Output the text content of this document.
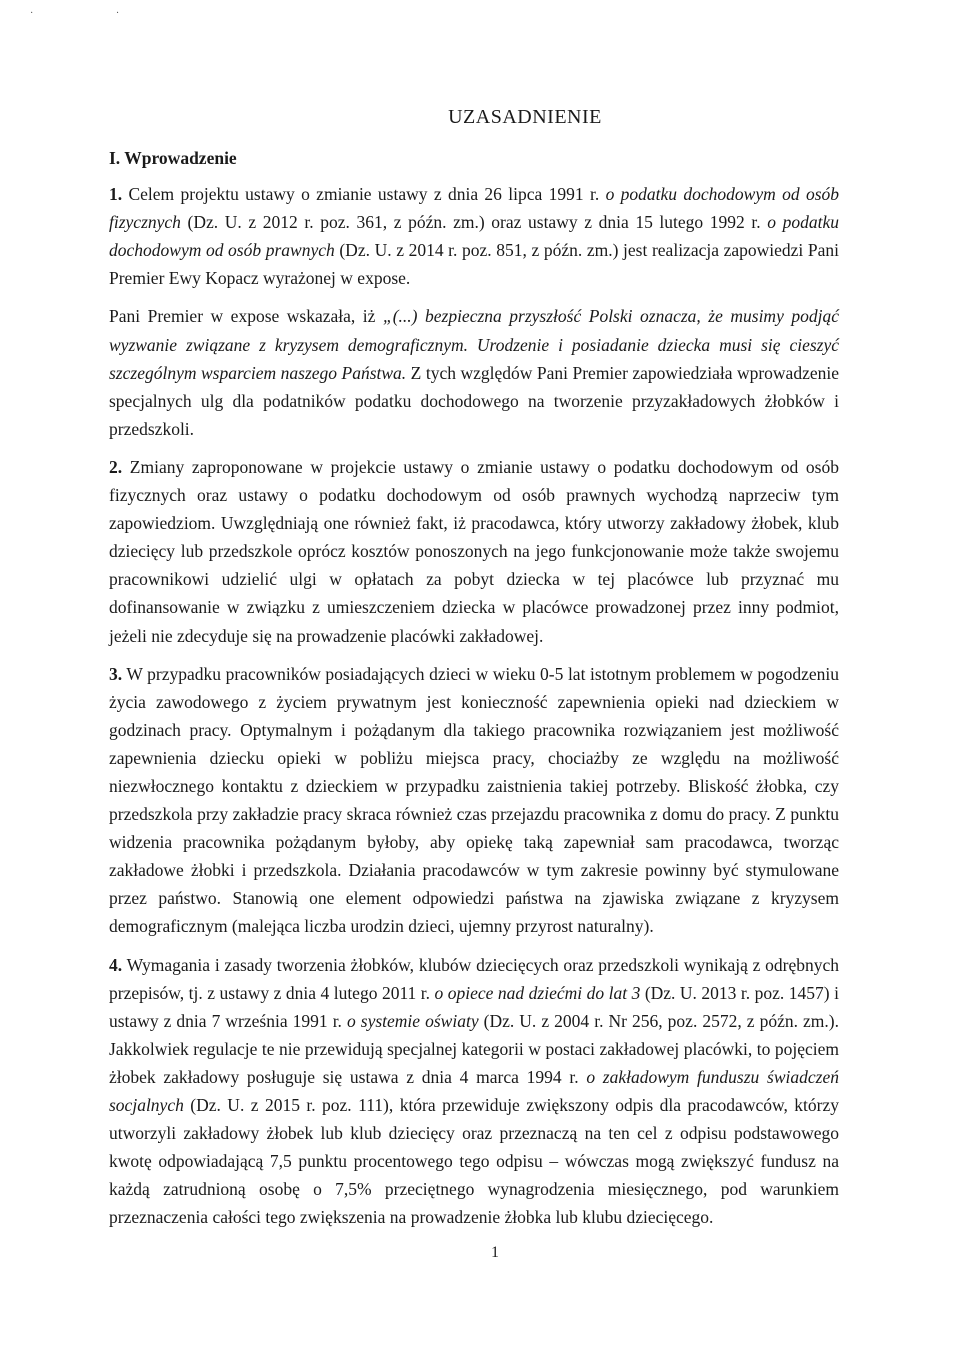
· ·
UZASADNIENIE
I. Wprowadzenie

1. Celem projektu ustawy o zmianie ustawy z dnia 26 lipca 1991 r. o podatku dochodowym od osób fizycznych (Dz. U. z 2012 r. poz. 361, z późn. zm.) oraz ustawy z dnia 15 lutego 1992 r. o podatku dochodowym od osób prawnych (Dz. U. z 2014 r. poz. 851, z późn. zm.) jest realizacja zapowiedzi Pani Premier Ewy Kopacz wyrażonej w expose.

Pani Premier w expose wskazała, iż „(...) bezpieczna przyszłość Polski oznacza, że musimy podjąć wyzwanie związane z kryzysem demograficznym. Urodzenie i posiadanie dziecka musi się cieszyć szczególnym wsparciem naszego Państwa. Z tych względów Pani Premier zapowiedziała wprowadzenie specjalnych ulg dla podatników podatku dochodowego na tworzenie przyzakładowych żłobków i przedszkoli.

2. Zmiany zaproponowane w projekcie ustawy o zmianie ustawy o podatku dochodowym od osób fizycznych oraz ustawy o podatku dochodowym od osób prawnych wychodzą naprzeciw tym zapowiedziom. Uwzględniają one również fakt, iż pracodawca, który utworzy zakładowy żłobek, klub dziecięcy lub przedszkole oprócz kosztów ponoszonych na jego funkcjonowanie może także swojemu pracownikowi udzielić ulgi w opłatach za pobyt dziecka w tej placówce lub przyznać mu dofinansowanie w związku z umieszczeniem dziecka w placówce prowadzonej przez inny podmiot, jeżeli nie zdecyduje się na prowadzenie placówki zakładowej.

3. W przypadku pracowników posiadających dzieci w wieku 0-5 lat istotnym problemem w pogodzeniu życia zawodowego z życiem prywatnym jest konieczność zapewnienia opieki nad dzieckiem w godzinach pracy. Optymalnym i pożądanym dla takiego pracownika rozwiązaniem jest możliwość zapewnienia dziecku opieki w pobliżu miejsca pracy, chociażby ze względu na możliwość niezwłocznego kontaktu z dzieckiem w przypadku zaistnienia takiej potrzeby. Bliskość żłobka, czy przedszkola przy zakładzie pracy skraca również czas przejazdu pracownika z domu do pracy. Z punktu widzenia pracownika pożądanym byłoby, aby opiekę taką zapewniał sam pracodawca, tworząc zakładowe żłobki i przedszkola. Działania pracodawców w tym zakresie powinny być stymulowane przez państwo. Stanowią one element odpowiedzi państwa na zjawiska związane z kryzysem demograficznym (malejąca liczba urodzin dzieci, ujemny przyrost naturalny).

4. Wymagania i zasady tworzenia żłobków, klubów dziecięcych oraz przedszkoli wynikają z odrębnych przepisów, tj. z ustawy z dnia 4 lutego 2011 r. o opiece nad dziećmi do lat 3 (Dz. U. 2013 r. poz. 1457) i ustawy z dnia 7 września 1991 r. o systemie oświaty (Dz. U. z 2004 r. Nr 256, poz. 2572, z późn. zm.). Jakkolwiek regulacje te nie przewidują specjalnej kategorii w postaci zakładowej placówki, to pojęciem żłobek zakładowy posługuje się ustawa z dnia 4 marca 1994 r. o zakładowym funduszu świadczeń socjalnych (Dz. U. z 2015 r. poz. 111), która przewiduje zwiększony odpis dla pracodawców, którzy utworzyli zakładowy żłobek lub klub dziecięcy oraz przeznaczą na ten cel z odpisu podstawowego kwotę odpowiadającą 7,5 punktu procentowego tego odpisu – wówczas mogą zwiększyć fundusz na każdą zatrudnioną osobę o 7,5% przeciętnego wynagrodzenia miesięcznego, pod warunkiem przeznaczenia całości tego zwiększenia na prowadzenie żłobka lub klubu dziecięcego.

1
